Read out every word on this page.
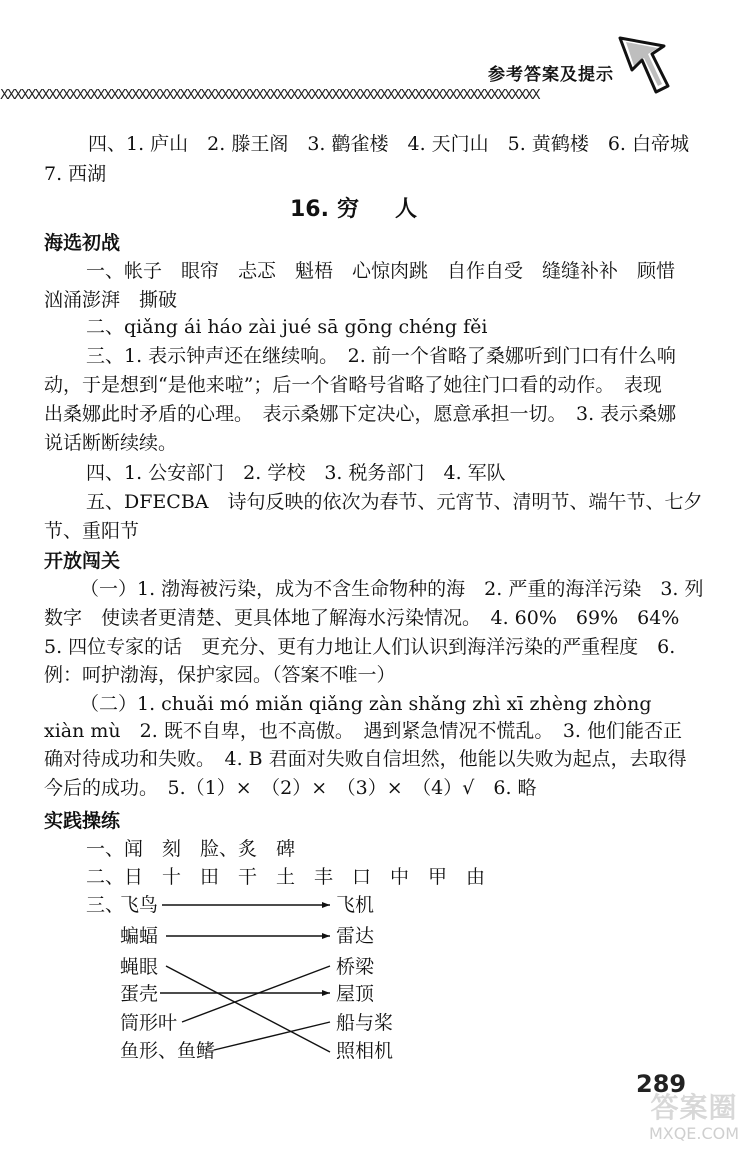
参考答案及提示
XXXXXXXXXXXXXXXXXXXXXXXXXXXXXXXXXXXXXXXXXXXXXXXXXXXXXXXXXXXXXXXXXXXXXXXXXXXXXX
四、1. 庐山　2. 滕王阁　3. 鹳雀楼　4. 天门山　5. 黄鹤楼　6. 白帝城
7. 西湖
16. 穷 人
海选初战
一、帐子　眼帘　忐忑　魁梧　心惊肉跳　自作自受　缝缝补补　顾惜
汹涌澎湃　撕破
二、qiǎng ái háo zài jué sā gōng chéng fěi
三、1. 表示钟声还在继续响。　2. 前一个省略了桑娜听到门口有什么响
动，于是想到“是他来啦”；后一个省略号省略了她往门口看的动作。　表现
出桑娜此时矛盾的心理。　表示桑娜下定决心，愿意承担一切。　3. 表示桑娜
说话断断续续。
四、1. 公安部门　2. 学校　3. 税务部门　4. 军队
五、DFECBA　诗句反映的依次为春节、元宵节、清明节、端午节、七夕
节、重阳节
开放闯关
（一）1. 渤海被污染，成为不含生命物种的海　2. 严重的海洋污染　3. 列
数字　使读者更清楚、更具体地了解海水污染情况。　4. 60%　69%　64%
5. 四位专家的话　更充分、更有力地让人们认识到海洋污染的严重程度　6.
例：呵护渤海，保护家园。（答案不唯一）
（二）1. chuǎi mó miǎn qiǎng zàn shǎng zhì xī zhèng zhòng
xiàn mù　2. 既不自卑，也不高傲。　遇到紧急情况不慌乱。　3. 他们能否正
确对待成功和失败。　4. B 君面对失败自信坦然，他能以失败为起点，去取得
今后的成功。　5.（1）×　（2）×　（3）×　（4）√　6. 略
实践操练
一、闻　刻　脸、炙　碑
二、日　十　田　干　土　丰　口　中　甲　由
三、
飞鸟
蝙蝠
蝇眼
蛋壳
筒形叶
鱼形、鱼鳍
飞机
雷达
桥梁
屋顶
船与桨
照相机
289
答案圈
MXQE.COM
